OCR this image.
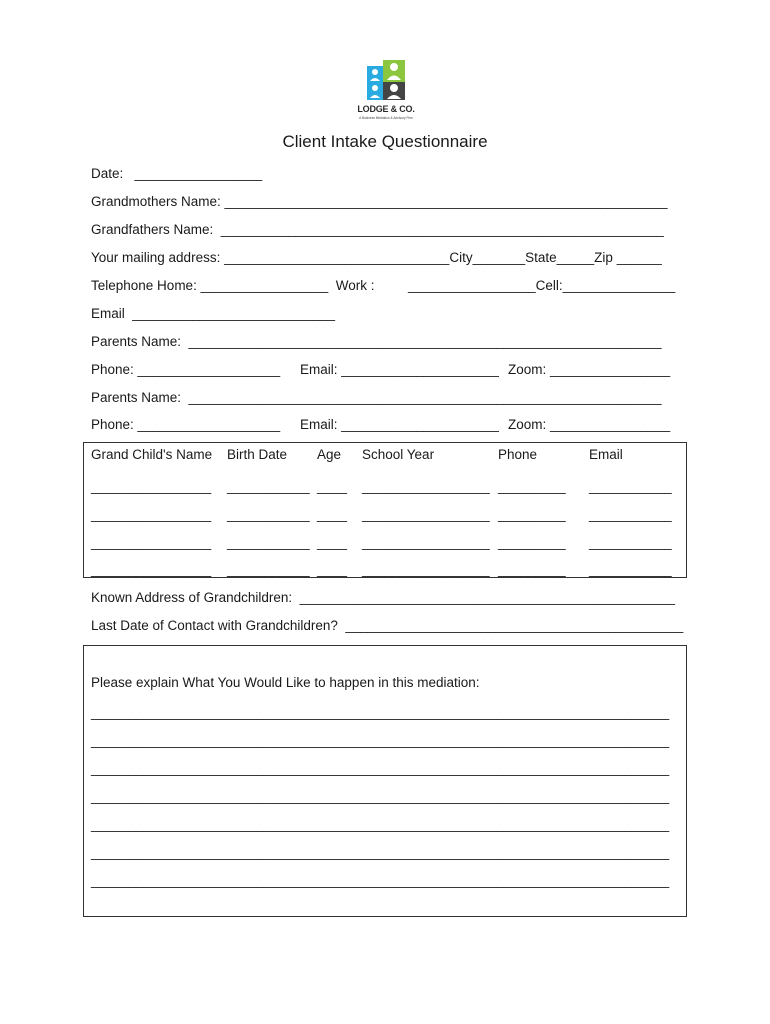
LODGE & CO.
A Business Mediation & Advisory Firm
Client Intake Questionnaire
Date:   _________________
Grandmothers Name: ___________________________________________________________
Grandfathers Name:  ___________________________________________________________
Your mailing address: ______________________________City_______State_____Zip ______
Telephone Home: _________________  Work : _________________Cell:_______________
Email  ___________________________
Parents Name:  _______________________________________________________________
Phone: ___________________ Email: _____________________ Zoom: ________________
Parents Name:  _______________________________________________________________
Phone: ___________________ Email: _____________________ Zoom: ________________
Grand Child's Name Birth Date Age School Year	Phone	Email
________________ ___________ ____ _________________ _________ ___________
________________ ___________ ____ _________________ _________ ___________
________________ ___________ ____ _________________ _________ ___________
________________ ___________ ____ _________________ _________ ___________
Known Address of Grandchildren:  __________________________________________________
Last Date of Contact with Grandchildren?  _____________________________________________
Please explain What You Would Like to happen in this mediation:
_____________________________________________________________________________
_____________________________________________________________________________
_____________________________________________________________________________
_____________________________________________________________________________
_____________________________________________________________________________
_____________________________________________________________________________
_____________________________________________________________________________
